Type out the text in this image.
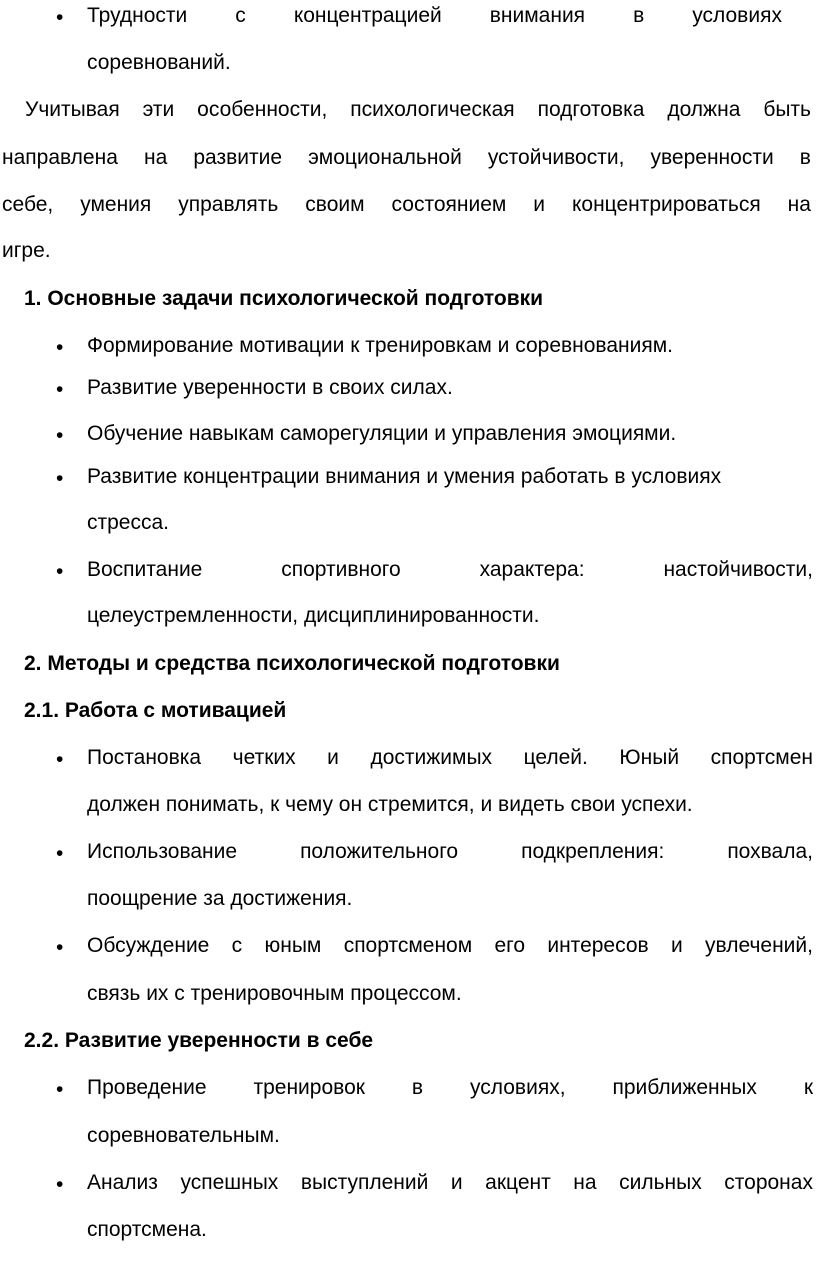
• Трудности с концентрацией внимания в условиях
соревнований.
Учитывая эти особенности, психологическая подготовка должна быть
направлена на развитие эмоциональной устойчивости, уверенности в
себе, умения управлять своим состоянием и концентрироваться на
игре.
1. Основные задачи психологической подготовки
• Формирование мотивации к тренировкам и соревнованиям.
• Развитие уверенности в своих силах.
• Обучение навыкам саморегуляции и управления эмоциями.
• Развитие концентрации внимания и умения работать в условиях
стресса.
• Воспитание	спортивного	характера:	настойчивости,
целеустремленности, дисциплинированности.
2. Методы и средства психологической подготовки
2.1. Работа с мотивацией
• Постановка четких и достижимых целей. Юный спортсмен
должен понимать, к чему он стремится, и видеть свои успехи.
• Использование	положительного	подкрепления:	похвала,
поощрение за достижения.
• Обсуждение с юным спортсменом его интересов и увлечений,
связь их с тренировочным процессом.
2.2. Развитие уверенности в себе
• Проведение тренировок в условиях, приближенных к
соревновательным.
• Анализ успешных выступлений и акцент на сильных сторонах
спортсмена.
